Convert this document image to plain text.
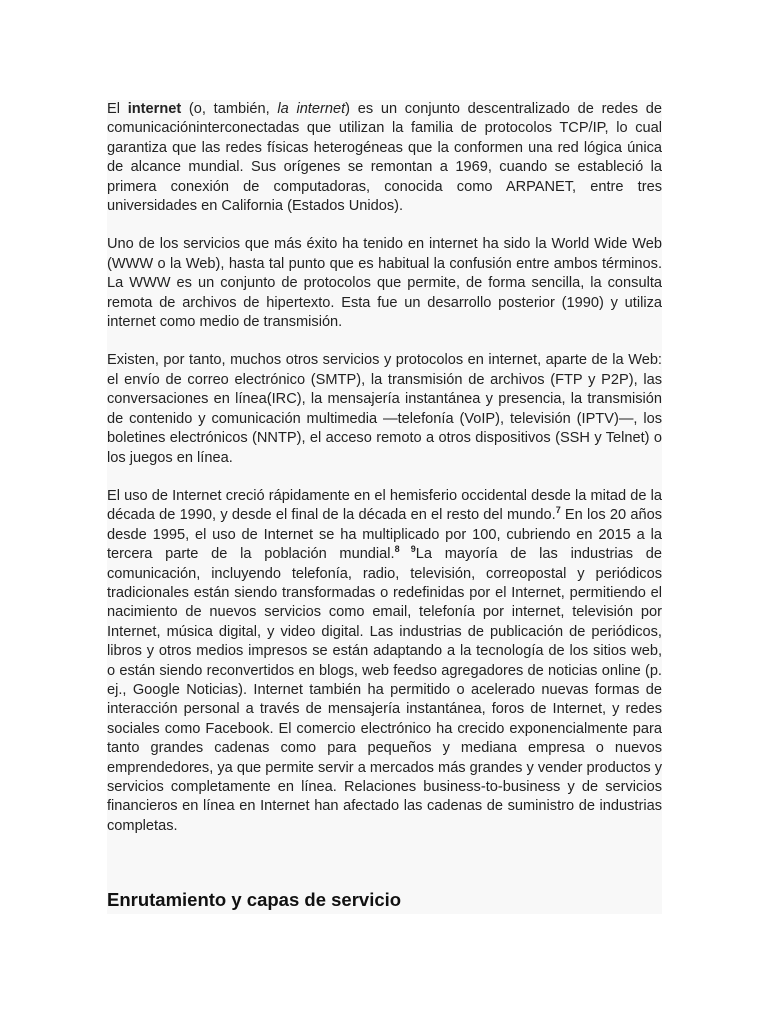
El internet (o, también, la internet) es un conjunto descentralizado de redes de comunicacióninterconectadas que utilizan la familia de protocolos TCP/IP, lo cual garantiza que las redes físicas heterogéneas que la conformen una red lógica única de alcance mundial. Sus orígenes se remontan a 1969, cuando se estableció la primera conexión de computadoras, conocida como ARPANET, entre tres universidades en California (Estados Unidos).

Uno de los servicios que más éxito ha tenido en internet ha sido la World Wide Web (WWW o la Web), hasta tal punto que es habitual la confusión entre ambos términos. La WWW es un conjunto de protocolos que permite, de forma sencilla, la consulta remota de archivos de hipertexto. Esta fue un desarrollo posterior (1990) y utiliza internet como medio de transmisión.

Existen, por tanto, muchos otros servicios y protocolos en internet, aparte de la Web: el envío de correo electrónico (SMTP), la transmisión de archivos (FTP y P2P), las conversaciones en línea(IRC), la mensajería instantánea y presencia, la transmisión de contenido y comunicación multimedia —telefonía (VoIP), televisión (IPTV)—, los boletines electrónicos (NNTP), el acceso remoto a otros dispositivos (SSH y Telnet) o los juegos en línea.

El uso de Internet creció rápidamente en el hemisferio occidental desde la mitad de la década de 1990, y desde el final de la década en el resto del mundo.$^7$ En los 20 años desde 1995, el uso de Internet se ha multiplicado por 100, cubriendo en 2015 a la tercera parte de la población mundial.$^{8 9}$La mayoría de las industrias de comunicación, incluyendo telefonía, radio, televisión, correopostal y periódicos tradicionales están siendo transformadas o redefinidas por el Internet, permitiendo el nacimiento de nuevos servicios como email, telefonía por internet, televisión por Internet, música digital, y video digital. Las industrias de publicación de periódicos, libros y otros medios impresos se están adaptando a la tecnología de los sitios web, o están siendo reconvertidos en blogs, web feedso agregadores de noticias online (p. ej., Google Noticias). Internet también ha permitido o acelerado nuevas formas de interacción personal a través de mensajería instantánea, foros de Internet, y redes sociales como Facebook. El comercio electrónico ha crecido exponencialmente para tanto grandes cadenas como para pequeños y mediana empresa o nuevos emprendedores, ya que permite servir a mercados más grandes y vender productos y servicios completamente en línea. Relaciones business-to-business y de servicios financieros en línea en Internet han afectado las cadenas de suministro de industrias completas.

Enrutamiento y capas de servicio
